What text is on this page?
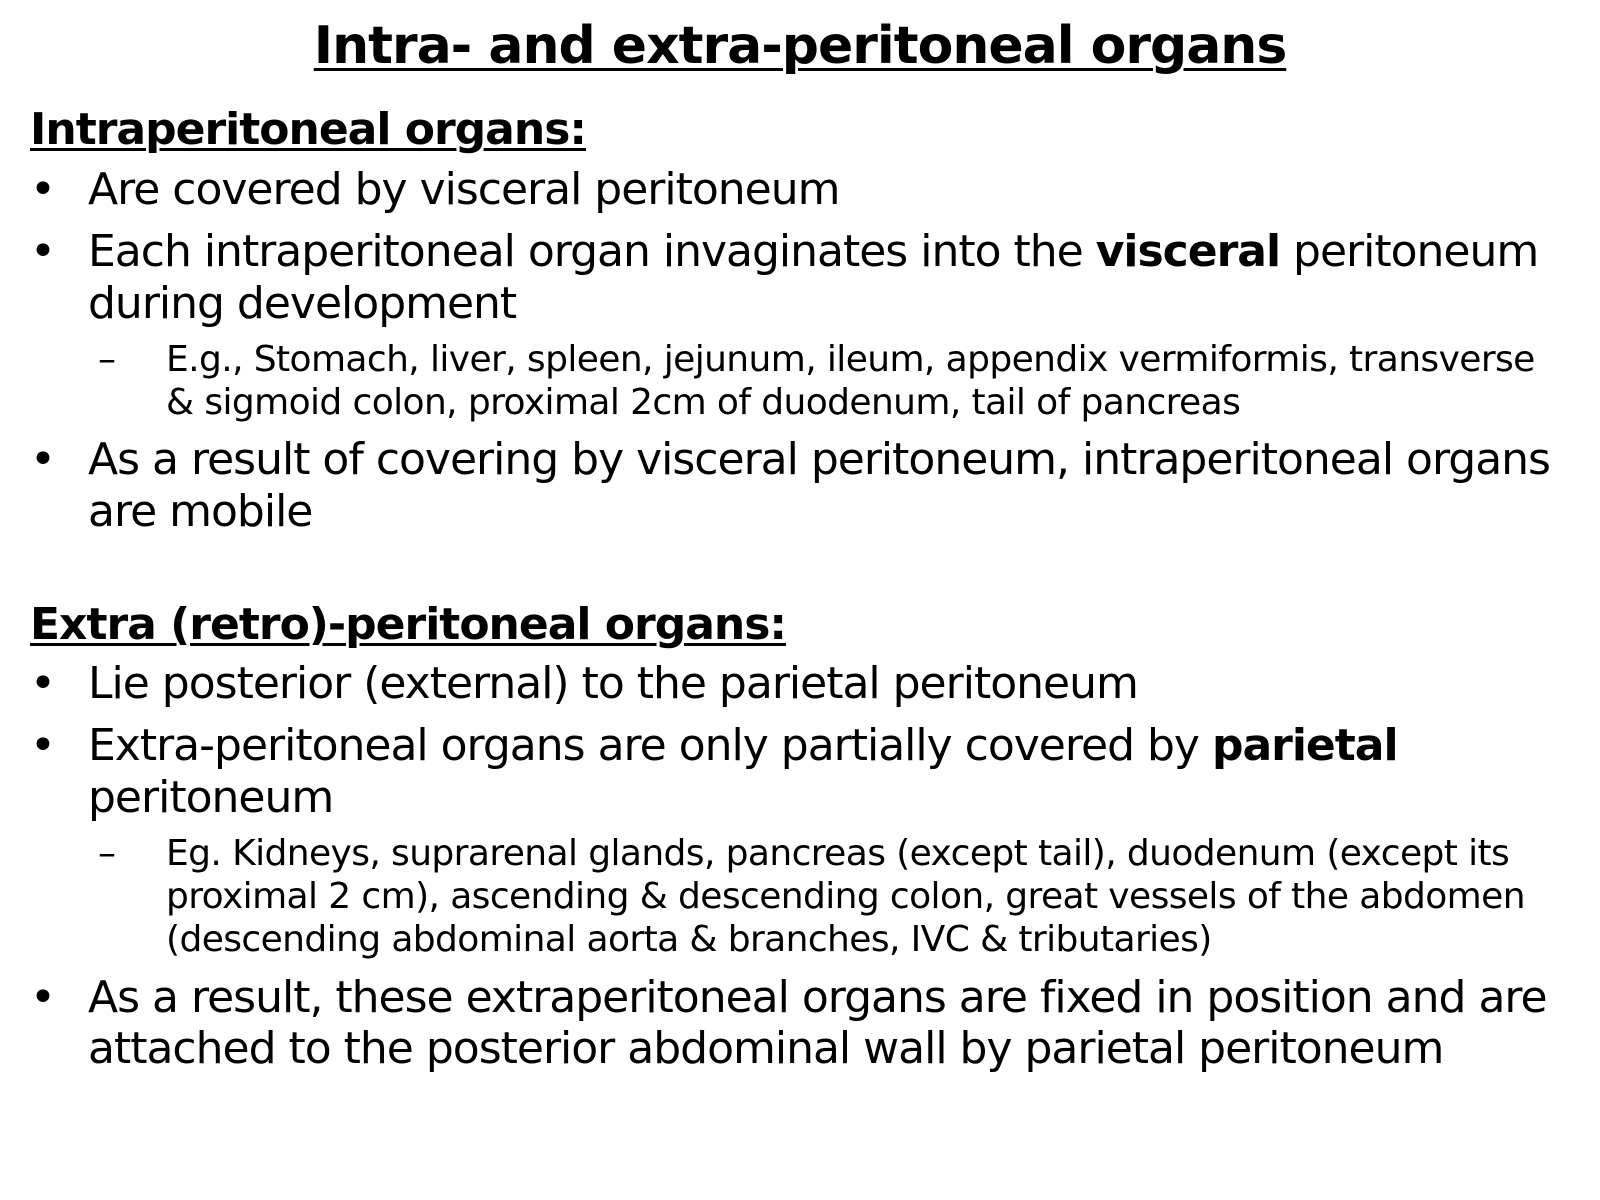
Intra- and extra-peritoneal organs
Intraperitoneal organs:
•
Are covered by visceral peritoneum
•
Each intraperitoneal organ invaginates into the visceral peritoneum during development
–
E.g., Stomach, liver, spleen, jejunum, ileum, appendix vermiformis, transverse & sigmoid colon, proximal 2cm of duodenum, tail of pancreas
•
As a result of covering by visceral peritoneum, intraperitoneal organs are mobile
Extra (retro)-peritoneal organs:
•
Lie posterior (external) to the parietal peritoneum
•
Extra-peritoneal organs are only partially covered by parietal peritoneum
–
Eg. Kidneys, suprarenal glands, pancreas (except tail), duodenum (except its proximal 2 cm), ascending & descending colon, great vessels of the abdomen (descending abdominal aorta & branches, IVC & tributaries)
•
As a result, these extraperitoneal organs are fixed in position and are attached to the posterior abdominal wall by parietal peritoneum
